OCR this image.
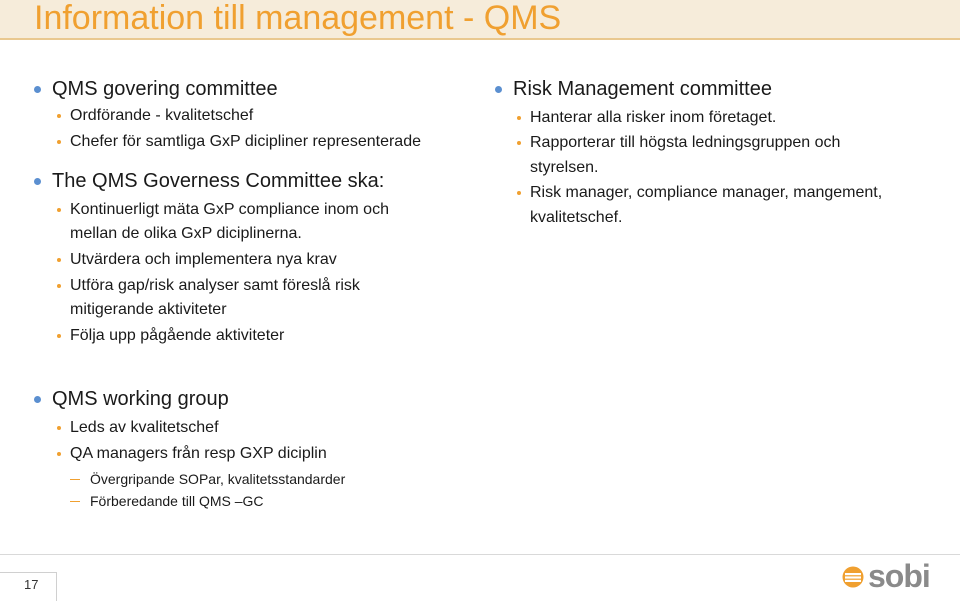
Information till management - QMS
QMS govering committee
Ordförande - kvalitetschef
Chefer för samtliga GxP dicipliner representerade
The QMS Governess Committee ska:
Kontinuerligt mäta GxP compliance inom och
mellan de olika GxP diciplinerna.
Utvärdera och implementera nya krav
Utföra gap/risk analyser samt föreslå risk
mitigerande aktiviteter
Följa upp pågående aktiviteter
QMS working group
Leds av kvalitetschef
QA managers från resp GXP diciplin
Övergripande SOPar, kvalitetsstandarder
Förberedande till QMS –GC
Risk Management committee
Hanterar alla risker inom företaget.
Rapporterar till högsta ledningsgruppen och
styrelsen.
Risk manager, compliance manager, mangement,
kvalitetschef.
17	sobi
